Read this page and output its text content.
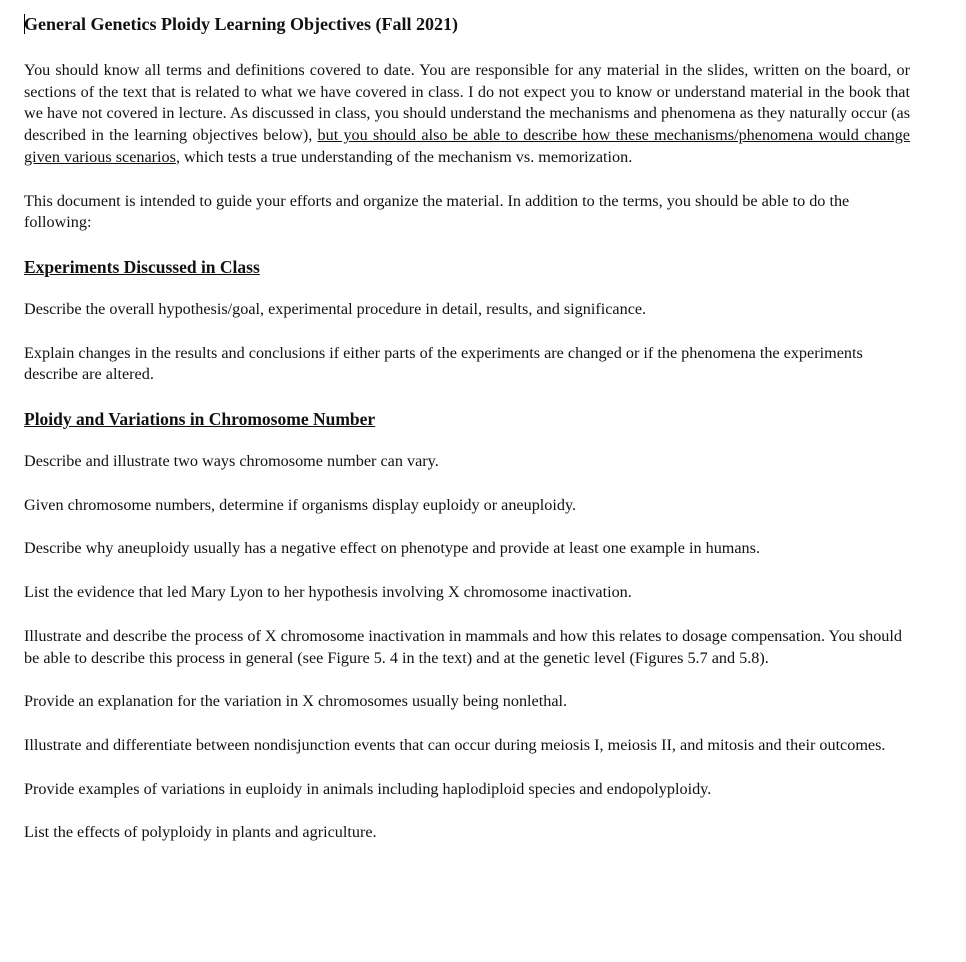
General Genetics Ploidy Learning Objectives (Fall 2021)

You should know all terms and definitions covered to date. You are responsible for any material in the slides, written on the board, or sections of the text that is related to what we have covered in class. I do not expect you to know or understand material in the book that we have not covered in lecture. As discussed in class, you should understand the mechanisms and phenomena as they naturally occur (as described in the learning objectives below), but you should also be able to describe how these mechanisms/phenomena would change given various scenarios, which tests a true understanding of the mechanism vs. memorization.

This document is intended to guide your efforts and organize the material. In addition to the terms, you should be able to do the following:

Experiments Discussed in Class

Describe the overall hypothesis/goal, experimental procedure in detail, results, and significance.

Explain changes in the results and conclusions if either parts of the experiments are changed or if the phenomena the experiments describe are altered.

Ploidy and Variations in Chromosome Number

Describe and illustrate two ways chromosome number can vary.

Given chromosome numbers, determine if organisms display euploidy or aneuploidy.

Describe why aneuploidy usually has a negative effect on phenotype and provide at least one example in humans.

List the evidence that led Mary Lyon to her hypothesis involving X chromosome inactivation.

Illustrate and describe the process of X chromosome inactivation in mammals and how this relates to dosage compensation. You should be able to describe this process in general (see Figure 5. 4 in the text) and at the genetic level (Figures 5.7 and 5.8).

Provide an explanation for the variation in X chromosomes usually being nonlethal.

Illustrate and differentiate between nondisjunction events that can occur during meiosis I, meiosis II, and mitosis and their outcomes.

Provide examples of variations in euploidy in animals including haplodiploid species and endopolyploidy.

List the effects of polyploidy in plants and agriculture.
